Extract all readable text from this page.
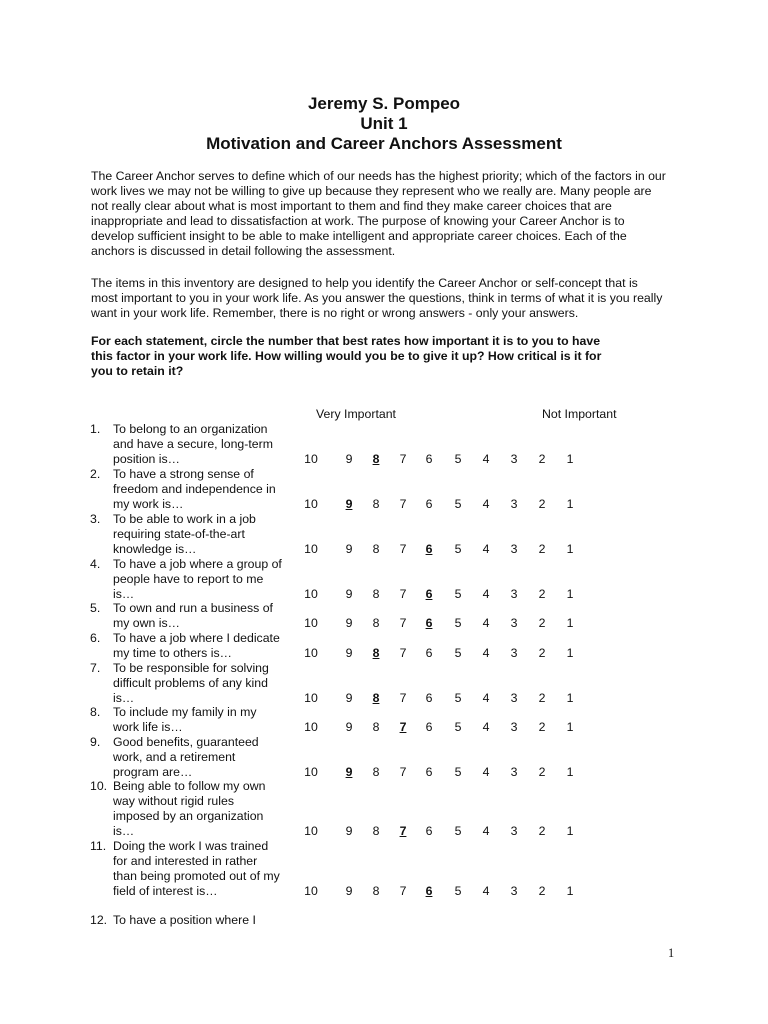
Jeremy S. Pompeo
Unit 1
Motivation and Career Anchors Assessment
The Career Anchor serves to define which of our needs has the highest priority; which of the factors in our
work lives we may not be willing to give up because they represent who we really are. Many people are
not really clear about what is most important to them and find they make career choices that are
inappropriate and lead to dissatisfaction at work. The purpose of knowing your Career Anchor is to
develop sufficient insight to be able to make intelligent and appropriate career choices. Each of the
anchors is discussed in detail following the assessment.
The items in this inventory are designed to help you identify the Career Anchor or self-concept that is
most important to you in your work life. As you answer the questions, think in terms of what it is you really
want in your work life. Remember, there is no right or wrong answers - only your answers.
For each statement, circle the number that best rates how important it is to you to have
this factor in your work life. How willing would you be to give it up? How critical is it for
you to retain it?
Very Important	Not Important
1. To belong to an organization
and have a secure, long-term
position is…	10	9	8	7	6	5	4	3	2	1
2. To have a strong sense of
freedom and independence in
my work is…	10	9	8	7	6	5	4	3	2	1
3. To be able to work in a job
requiring state-of-the-art
knowledge is…	10	9	8	7	6	5	4	3	2	1
4. To have a job where a group of
people have to report to me
is…	10	9	8	7	6	5	4	3	2	1
5. To own and run a business of
my own is…	10	9	8	7	6	5	4	3	2	1
6. To have a job where I dedicate
my time to others is…	10	9	8	7	6	5	4	3	2	1
7. To be responsible for solving
difficult problems of any kind
is…	10	9	8	7	6	5	4	3	2	1
8. To include my family in my
work life is…	10	9	8	7	6	5	4	3	2	1
9. Good benefits, guaranteed
work, and a retirement
program are…	10	9	8	7	6	5	4	3	2	1
10. Being able to follow my own
way without rigid rules
imposed by an organization
is…	10	9	8	7	6	5	4	3	2	1
11. Doing the work I was trained
for and interested in rather
than being promoted out of my
field of interest is…	10	9	8	7	6	5	4	3	2	1
12. To have a position where I
1
